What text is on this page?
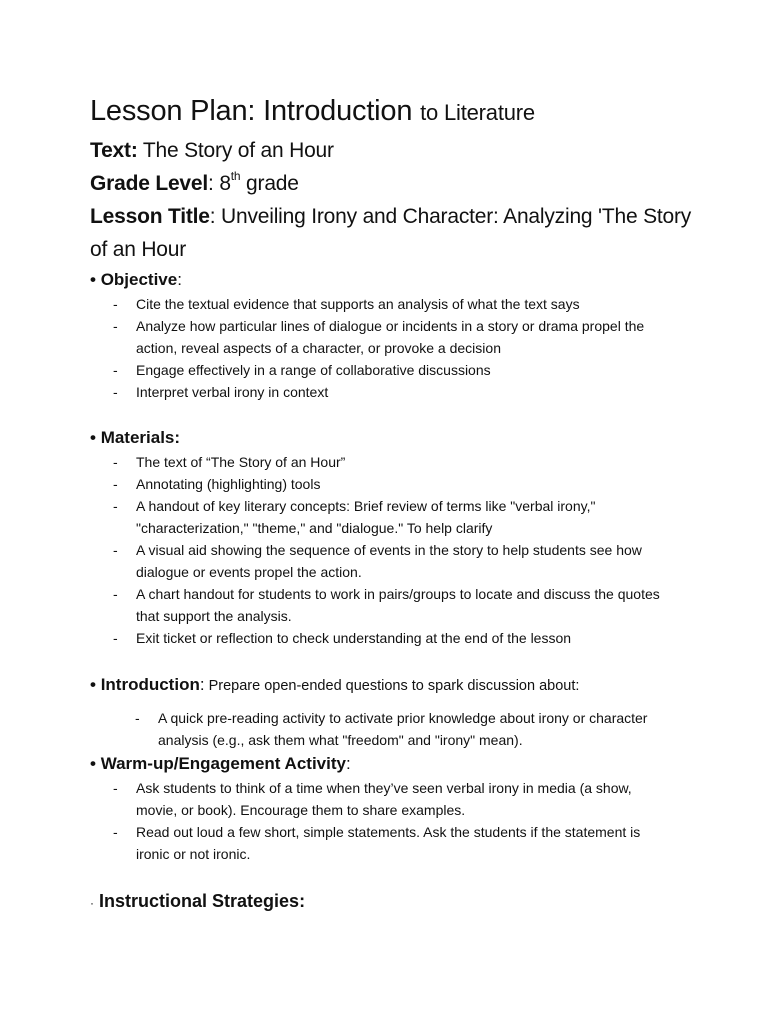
Lesson Plan: Introduction to Literature

Text: The Story of an Hour

Grade Level: 8th grade

Lesson Title: Unveiling Irony and Character: Analyzing 'The Story of an Hour

• Objective:

- Cite the textual evidence that supports an analysis of what the text says
- Analyze how particular lines of dialogue or incidents in a story or drama propel the action, reveal aspects of a character, or provoke a decision
- Engage effectively in a range of collaborative discussions
- Interpret verbal irony in context

• Materials:

- The text of “The Story of an Hour”
- Annotating (highlighting) tools
- A handout of key literary concepts: Brief review of terms like "verbal irony," "characterization," "theme," and "dialogue." To help clarify
- A visual aid showing the sequence of events in the story to help students see how dialogue or events propel the action.
- A chart handout for students to work in pairs/groups to locate and discuss the quotes that support the analysis.
- Exit ticket or reflection to check understanding at the end of the lesson

• Introduction: Prepare open-ended questions to spark discussion about:

- A quick pre-reading activity to activate prior knowledge about irony or character analysis (e.g., ask them what "freedom" and "irony" mean).

• Warm-up/Engagement Activity:

- Ask students to think of a time when they’ve seen verbal irony in media (a show, movie, or book). Encourage them to share examples.
- Read out loud a few short, simple statements. Ask the students if the statement is ironic or not ironic.

· Instructional Strategies:
